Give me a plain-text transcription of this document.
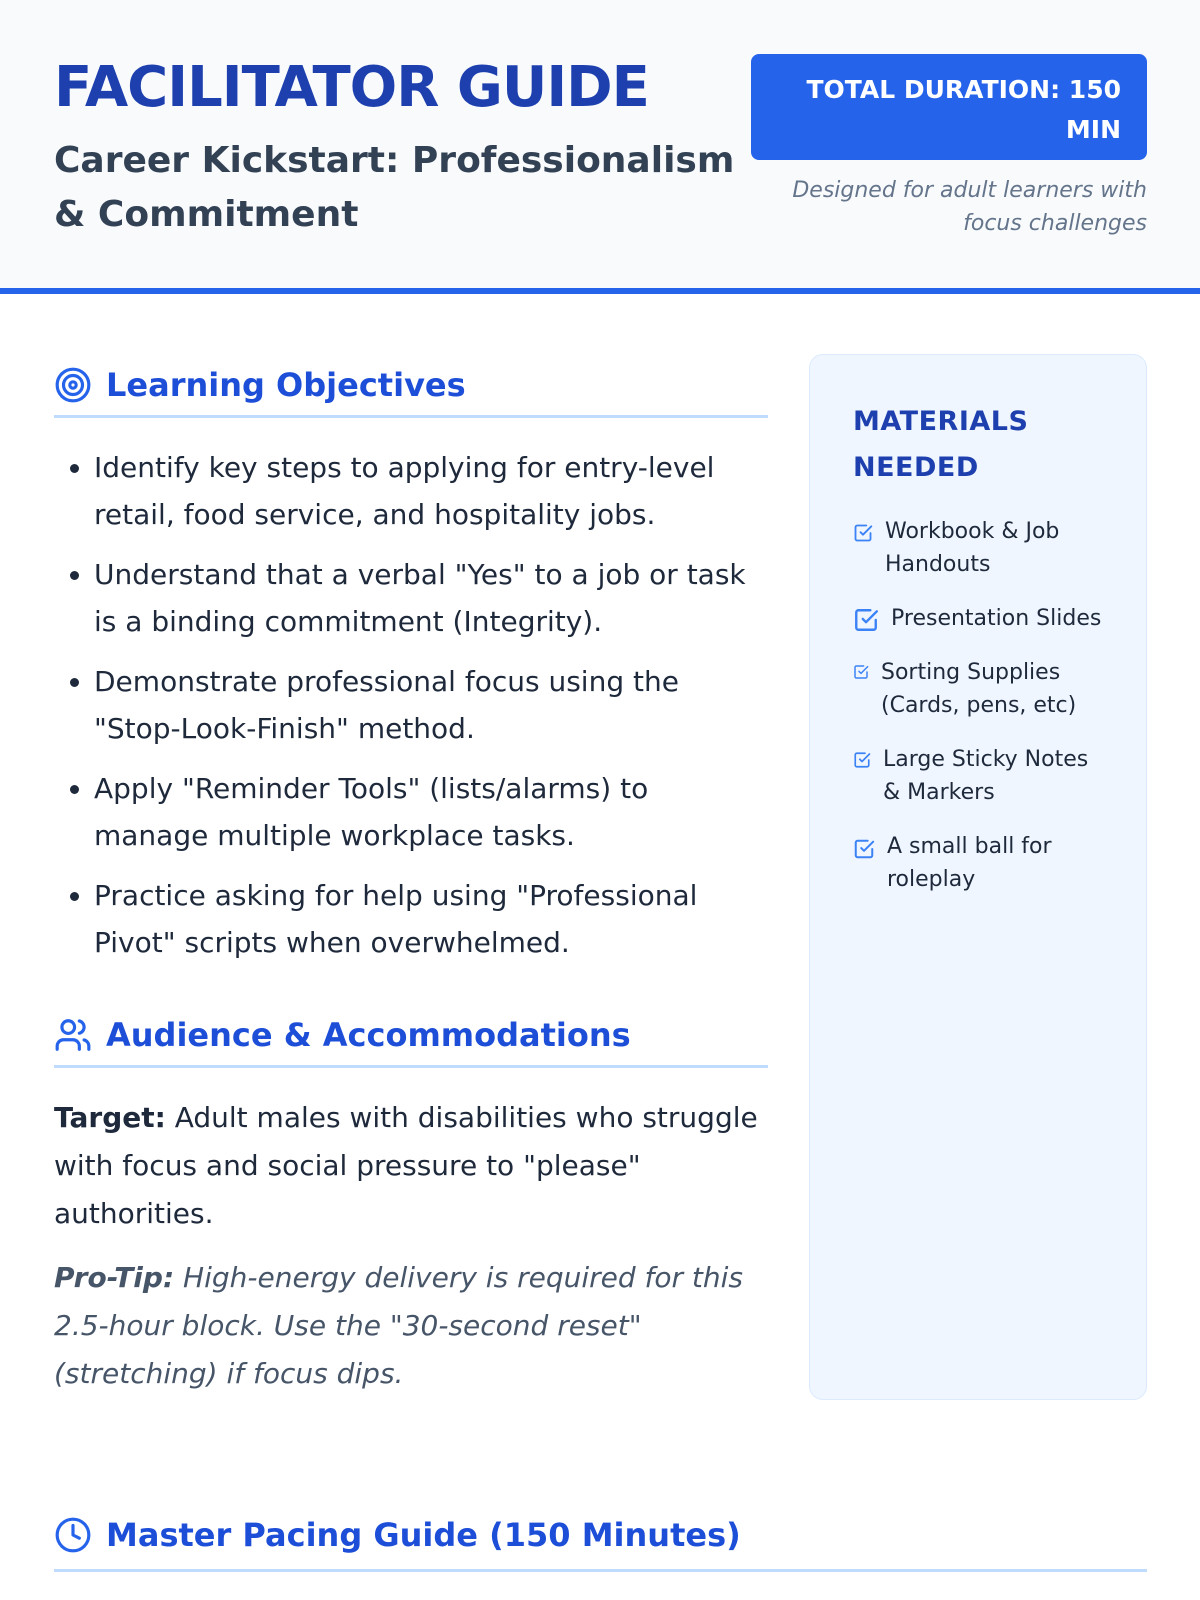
FACILITATOR GUIDE

Career Kickstart: Professionalism & Commitment

TOTAL DURATION: 150 MIN
Designed for adult learners with focus challenges
Learning Objectives
• Identify key steps to applying for entry-level retail, food service, and hospitality jobs.
• Understand that a verbal "Yes" to a job or task is a binding commitment (Integrity).
• Demonstrate professional focus using the "Stop-Look-Finish" method.
• Apply "Reminder Tools" (lists/alarms) to manage multiple workplace tasks.
• Practice asking for help using "Professional Pivot" scripts when overwhelmed.
Audience & Accommodations

Target: Adult males with disabilities who struggle with focus and social pressure to "please" authorities.

Pro-Tip: High-energy delivery is required for this 2.5-hour block. Use the "30-second reset" (stretching) if focus dips.

MATERIALS NEEDED
Workbook & Job Handouts
Presentation Slides
Sorting Supplies (Cards, pens, etc)
Large Sticky Notes & Markers
A small ball for roleplay
Master Pacing Guide (150 Minutes)
